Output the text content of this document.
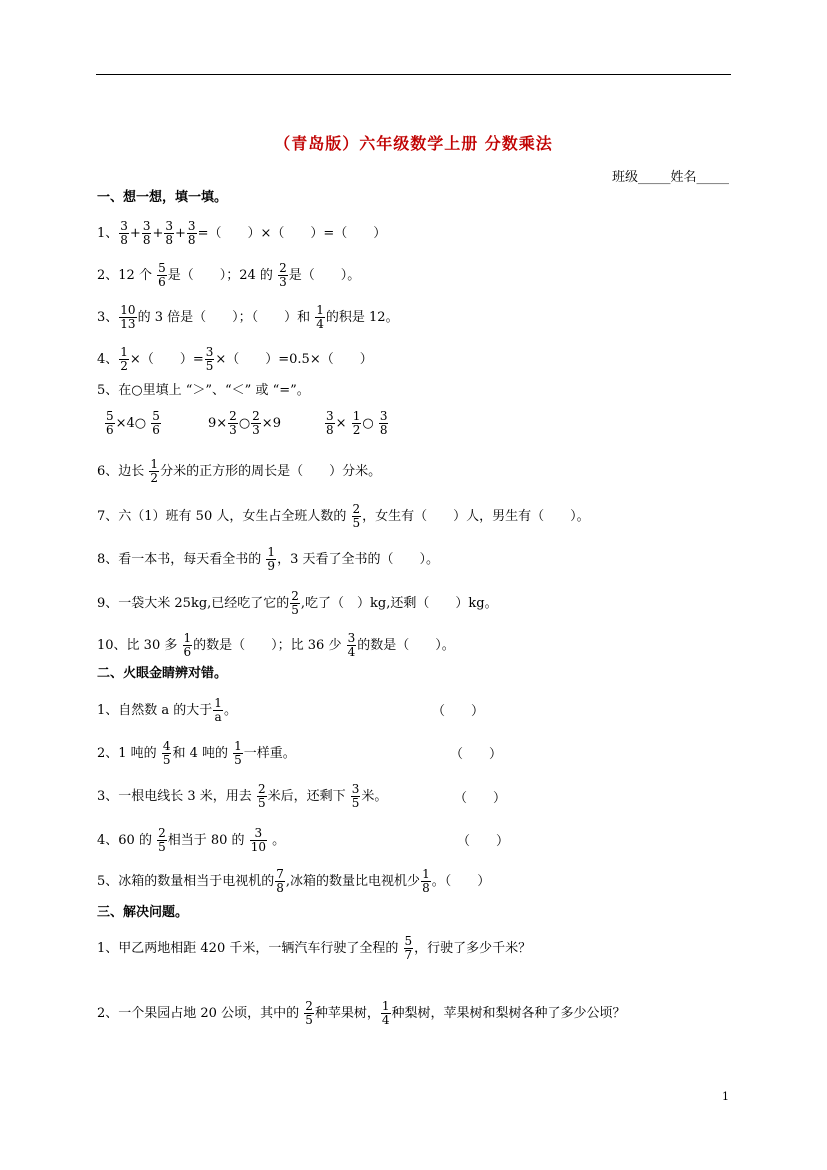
（青岛版）六年级数学上册 分数乘法
班级_____姓名_____
一、想一想，填一填。
1、 $\frac{3}{8} + \frac{3}{8} + \frac{3}{8} + \frac{3}{8}$ =（　　）×（　　）=（　　）
2、12 个 $\frac{5}{6}$ 是（　　）；24 的 $\frac{2}{3}$ 是（　　）。
3、 $\frac{10}{13}$ 的 3 倍是（　　）；（　　）和 $\frac{1}{4}$ 的积是 12。
4、 $\frac{1}{2}$ ×（　　）= $\frac{3}{5}$ ×（　　）=0.5×（　　）
5、在○里填上 “＞”、“＜” 或 “=”。
$\frac{5}{6}$ ×4○ $\frac{5}{6}$	$9\times \frac{2}{3}$ ○ $\frac{2}{3} \times 9$	$\frac{3}{8} \times \frac{1}{2}$ ○ $\frac{3}{8}$
6、边长 $\frac{1}{2}$ 分米的正方形的周长是（　　）分米。
7、六（1）班有 50 人，女生占全班人数的 $\frac{2}{5}$ ，女生有（　　）人，男生有（　　）。
8、看一本书，每天看全书的 $\frac{1}{9}$ ，3 天看了全书的（　　）。
9、一袋大米 25kg,已经吃了它的 $\frac{2}{5}$ ,吃了（　）kg,还剩（　　）kg。
10、比 30 多 $\frac{1}{6}$ 的数是（　　）；比 36 少 $\frac{3}{4}$ 的数是（　　）。
二、火眼金睛辨对错。
1、自然数 a 的大于 $\frac{1}{a}$ 。	（　　）
2、1 吨的 $\frac{4}{5}$ 和 4 吨的 $\frac{1}{5}$ 一样重。	（　　）
3、一根电线长 3 米，用去 $\frac{2}{5}$ 米后，还剩下 $\frac{3}{5}$ 米。	（　　）
4、60 的 $\frac{2}{5}$ 相当于 80 的 $\frac{3}{10}$ 。	（　　）
5、冰箱的数量相当于电视机的 $\frac{7}{8}$ ,冰箱的数量比电视机少 $\frac{1}{8}$ 。（　　）
三、解决问题。
1、甲乙两地相距 420 千米，一辆汽车行驶了全程的 $\frac{5}{7}$ ，行驶了多少千米？
2、一个果园占地 20 公顷，其中的 $\frac{2}{5}$ 种苹果树， $\frac{1}{4}$ 种梨树，苹果树和梨树各种了多少公顷？
1
